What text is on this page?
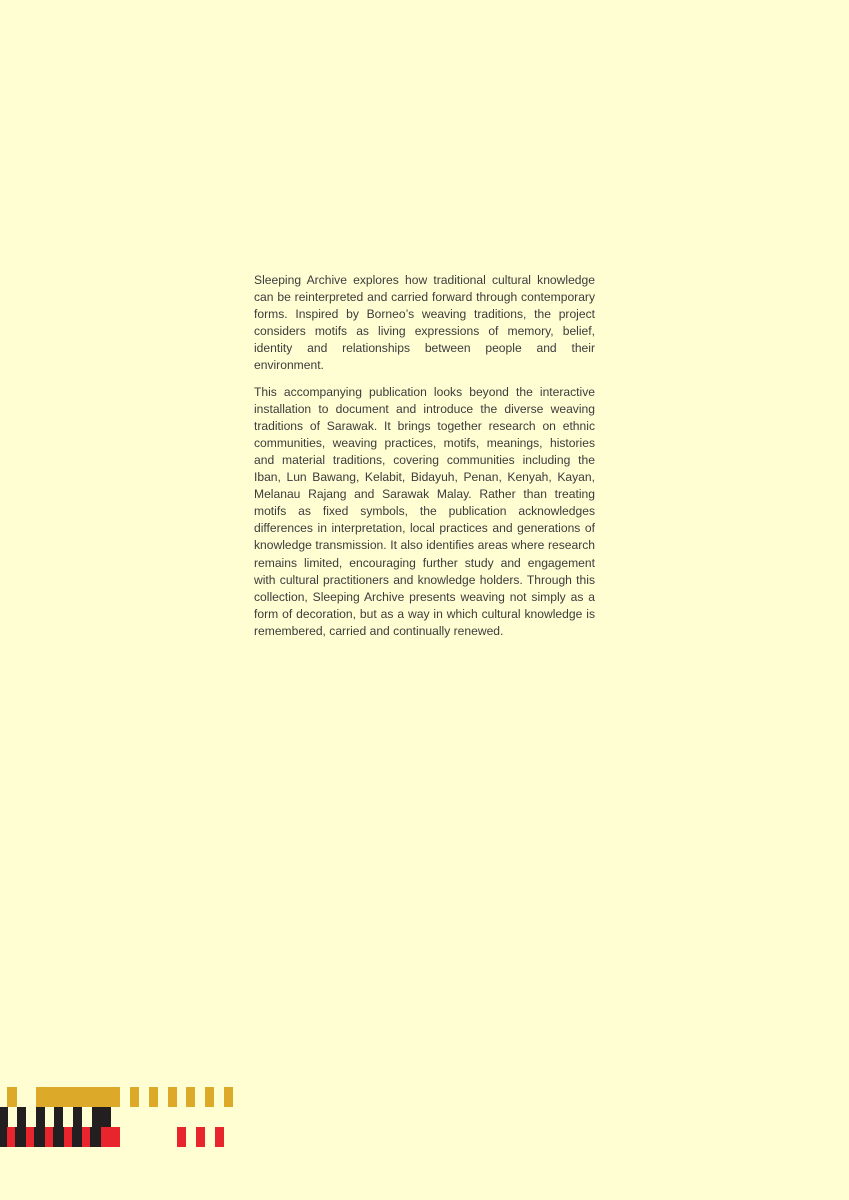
Sleeping Archive explores how traditional cultural knowledge can be reinterpreted and carried forward through contemporary forms. Inspired by Borneo’s weaving traditions, the project considers motifs as living expressions of memory, belief, identity and relationships between people and their environment.

This accompanying publication looks beyond the interactive installation to document and introduce the diverse weaving traditions of Sarawak. It brings together research on ethnic communities, weaving practices, motifs, meanings, histories and material traditions, covering communities including the Iban, Lun Bawang, Kelabit, Bidayuh, Penan, Kenyah, Kayan, Melanau Rajang and Sarawak Malay. Rather than treating motifs as fixed symbols, the publication acknowledges differences in interpretation, local practices and generations of knowledge transmission. It also identifies areas where research remains limited, encouraging further study and engagement with cultural practitioners and knowledge holders. Through this collection, Sleeping Archive presents weaving not simply as a form of decoration, but as a way in which cultural knowledge is remembered, carried and continually renewed.
